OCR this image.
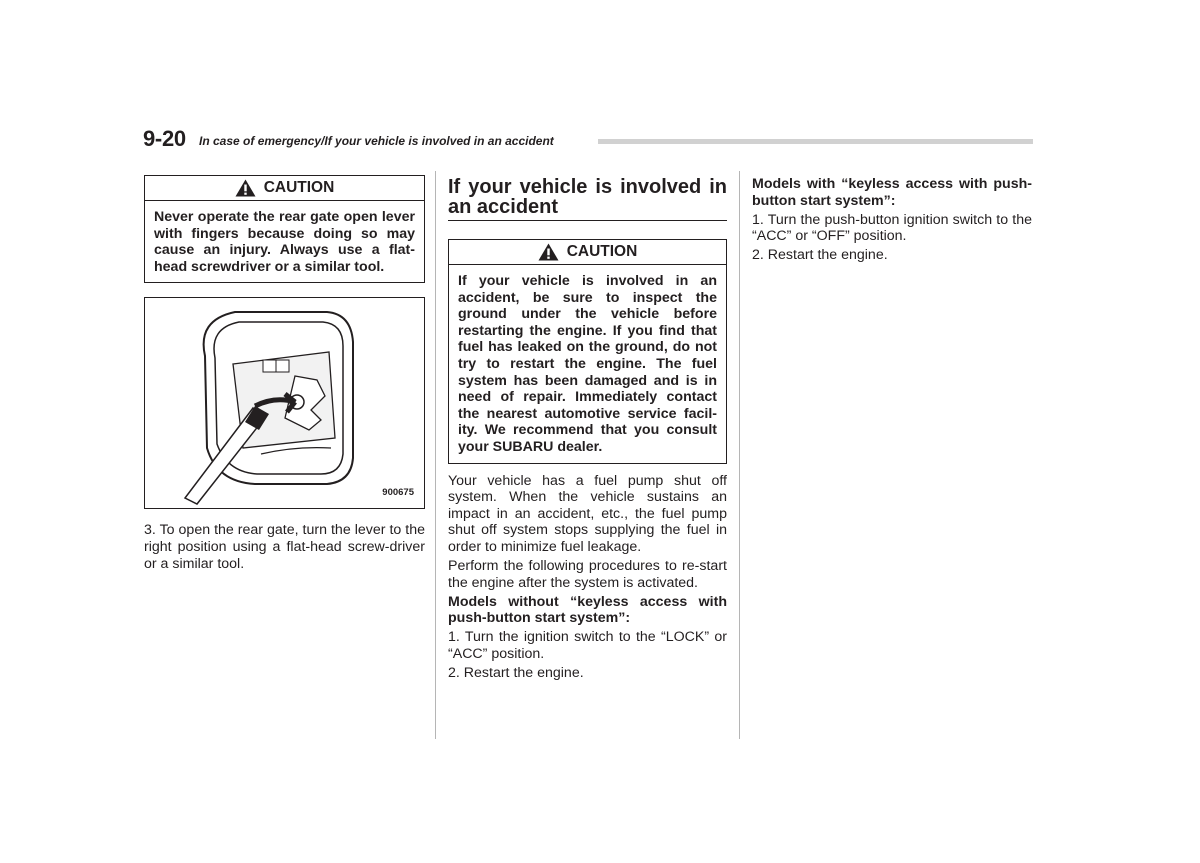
9-20 In case of emergency/If your vehicle is involved in an accident
CAUTION
Never operate the rear gate open lever with fingers because doing so may cause an injury. Always use a flat-head screwdriver or a similar tool.
900675

3. To open the rear gate, turn the lever to the right position using a flat-head screw-driver or a similar tool.

If your vehicle is involved in an accident
CAUTION
If your vehicle is involved in an accident, be sure to inspect the ground under the vehicle before restarting the engine. If you find that fuel has leaked on the ground, do not try to restart the engine. The fuel system has been damaged and is in need of repair. Immediately contact the nearest automotive service facil-ity. We recommend that you consult your SUBARU dealer.

Your vehicle has a fuel pump shut off system. When the vehicle sustains an impact in an accident, etc., the fuel pump shut off system stops supplying the fuel in order to minimize fuel leakage.

Perform the following procedures to re-start the engine after the system is activated.

Models without “keyless access with push-button start system”:

1. Turn the ignition switch to the “LOCK” or “ACC” position.

2. Restart the engine.

Models with “keyless access with push-button start system”:

1. Turn the push-button ignition switch to the “ACC” or “OFF” position.

2. Restart the engine.
